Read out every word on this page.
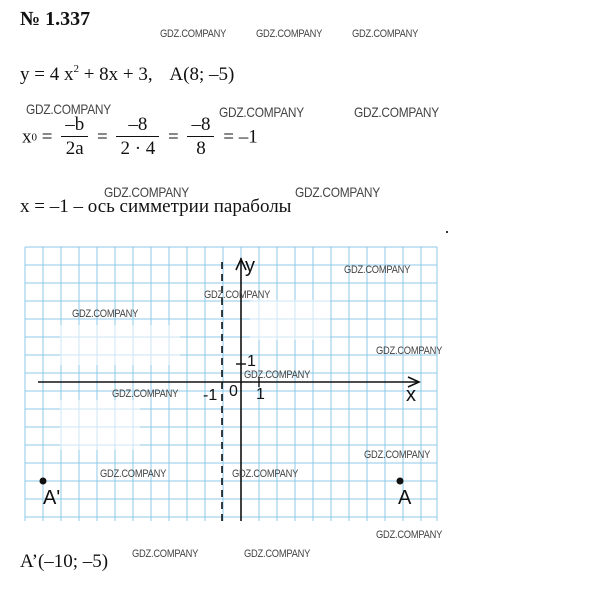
№ 1.337
y = 4 $x^2 + 8x + 3$, A(8; –5)
$x0 = \frac{-b}{2a} = \frac{-8}{2 \cdot 4} = \frac{-8}{8} = -1$
x = –1 – ось симметрии параболы
y
x
0 1
1
-1
A'	A
A’(–10; –5)
GDZ.COMPANY	GDZ.COMPANY	GDZ.COMPANY
GDZ.COMPANY	GDZ.COMPANY	GDZ.COMPANY
GDZ.COMPANY	GDZ.COMPANY
GDZ.COMPANY
GDZ.COMPANY
GDZ.COMPANY
GDZ.COMPANY
GDZ.COMPANY
GDZ.COMPANY
GDZ.COMPANY
GDZ.COMPANY	GDZ.COMPANY
GDZ.COMPANY
GDZ.COMPANY	GDZ.COMPANY
